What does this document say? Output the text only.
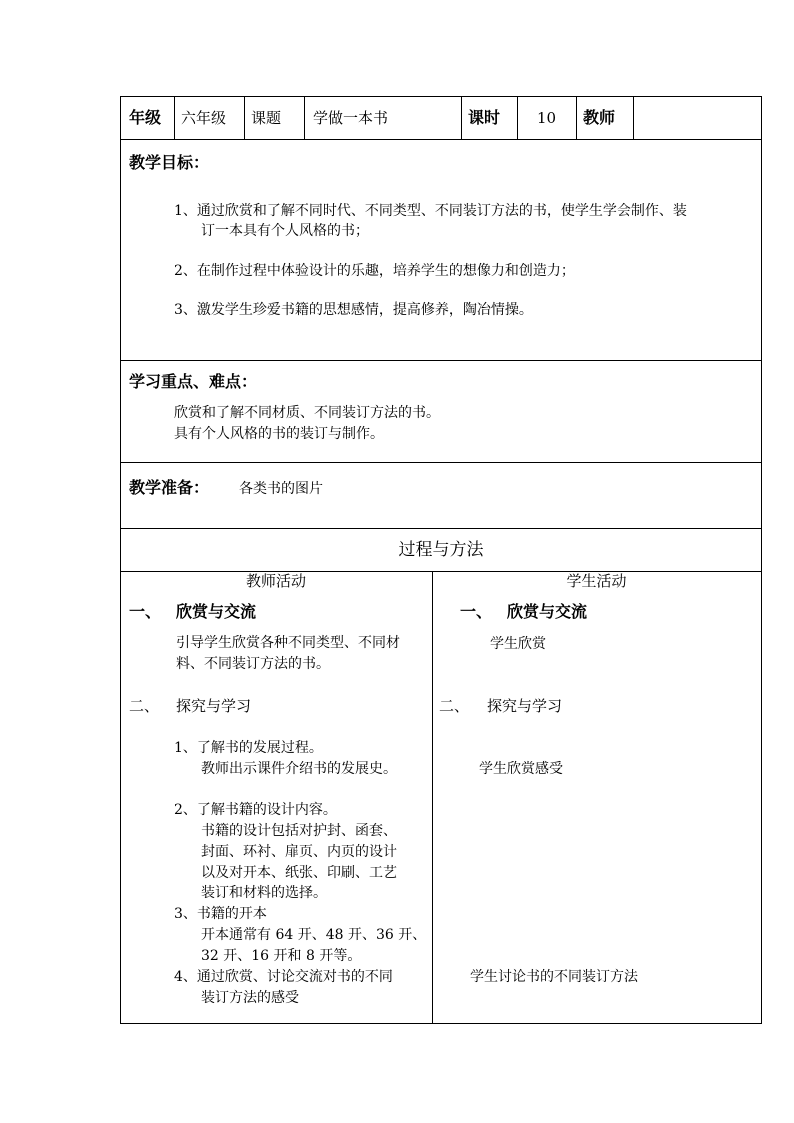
年级 六年级 课题 学做一本书	课时 10 教师
教学目标：
1、通过欣赏和了解不同时代、不同类型、不同装订方法的书，使学生学会制作、装
订一本具有个人风格的书；
2、在制作过程中体验设计的乐趣，培养学生的想像力和创造力；
3、激发学生珍爱书籍的思想感情，提高修养，陶冶情操。
学习重点、难点：
欣赏和了解不同材质、不同装订方法的书。
具有个人风格的书的装订与制作。
教学准备： 各类书的图片
过程与方法
教师活动	学生活动
一、 欣赏与交流
引导学生欣赏各种不同类型、不同材
料、不同装订方法的书。
二、 探究与学习
1、了解书的发展过程。
教师出示课件介绍书的发展史。
2、了解书籍的设计内容。
书籍的设计包括对护封、函套、
封面、环衬、扉页、内页的设计
以及对开本、纸张、印刷、工艺
装订和材料的选择。
3、书籍的开本
开本通常有 64 开、48 开、36 开、
32 开、16 开和 8 开等。
4、通过欣赏、讨论交流对书的不同
装订方法的感受
一、 欣赏与交流
学生欣赏
二、 探究与学习
学生欣赏感受
学生讨论书的不同装订方法
